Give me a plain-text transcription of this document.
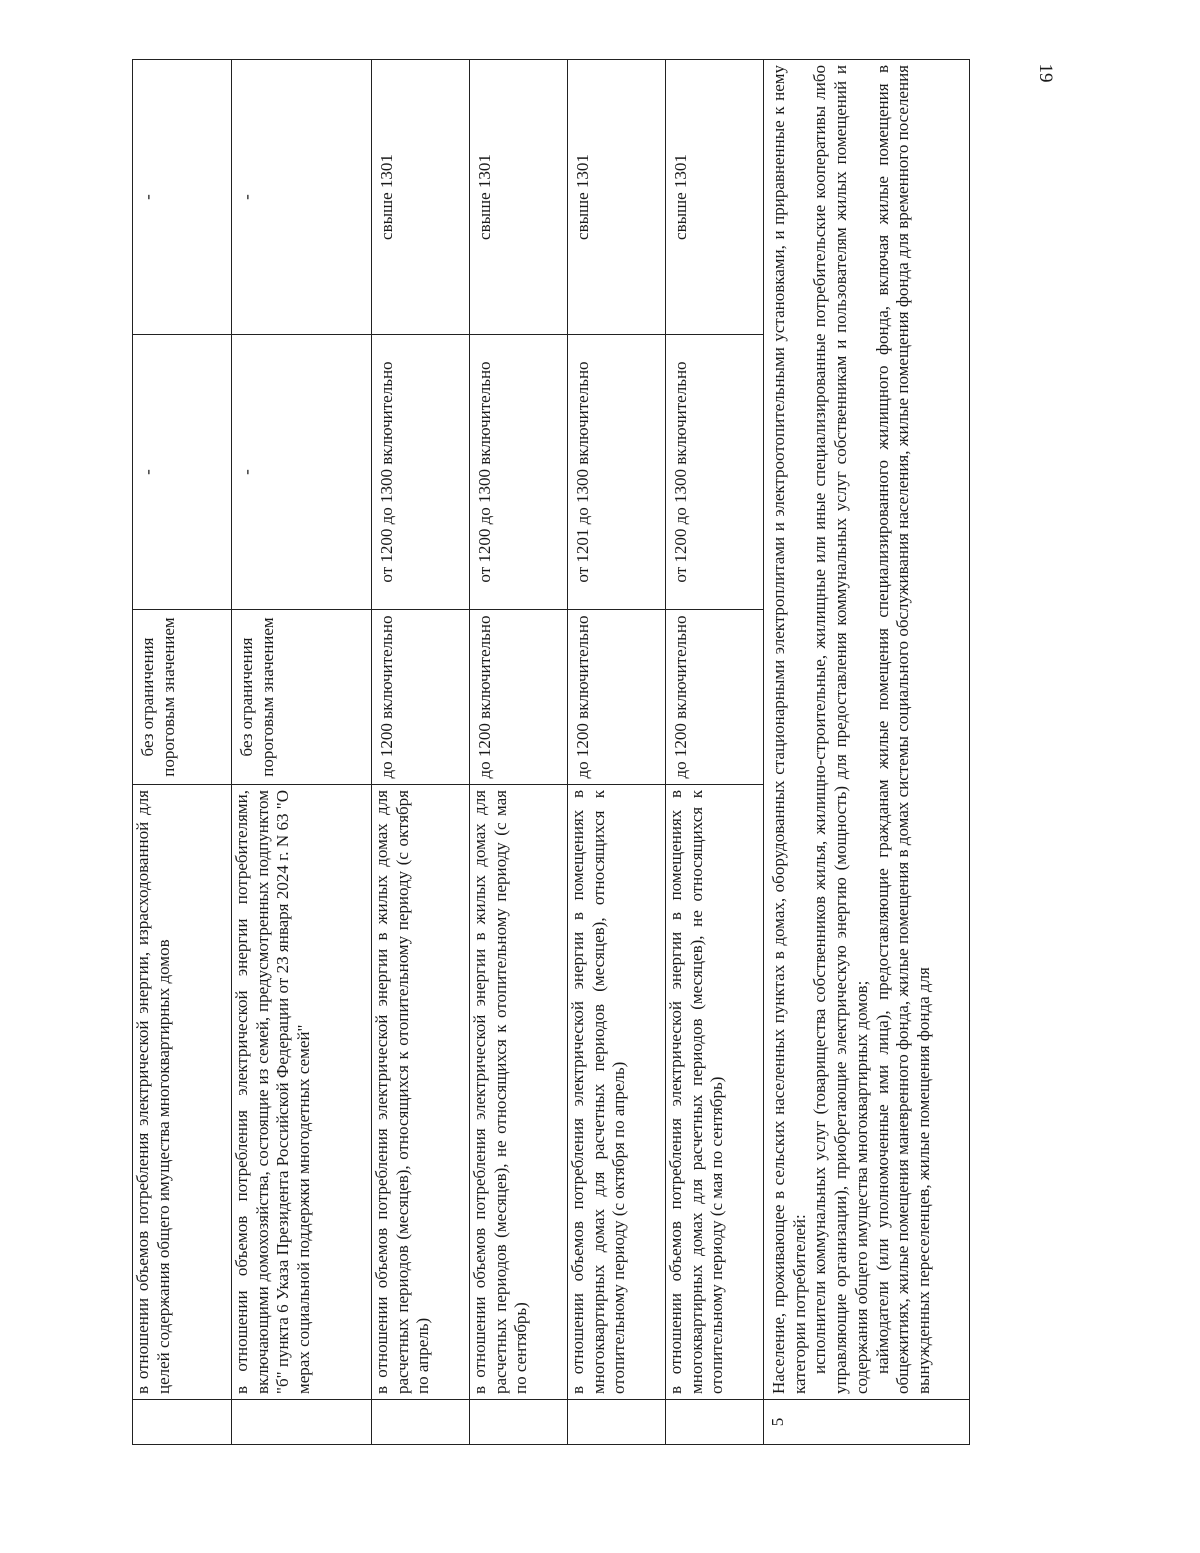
19
	в отношении объемов потребления электрической энергии, израсходованной для целей содержания общего имущества многоквартирных домов	без ограничения пороговым значением	-	-
	в отношении объемов потребления электрической энергии потребителями, включающими домохозяйства, состоящие из семей, предусмотренных подпунктом "б" пункта 6 Указа Президента Российской Федерации от 23 января 2024 г. N 63 "О мерах социальной поддержки многодетных семей"	без ограничения пороговым значением	-	-
	в отношении объемов потребления электрической энергии в жилых домах для расчетных периодов (месяцев), относящихся к отопительному периоду (с октября по апрель)	до 1200 включительно	от 1200 до 1300 включительно	свыше 1301
	в отношении объемов потребления электрической энергии в жилых домах для расчетных периодов (месяцев), не относящихся к отопительному периоду (с мая по сентябрь)	до 1200 включительно	от 1200 до 1300 включительно	свыше 1301
	в отношении объемов потребления электрической энергии в помещениях в многоквартирных домах для расчетных периодов (месяцев), относящихся к отопительному периоду (с октября по апрель)	до 1200 включительно	от 1201 до 1300 включительно	свыше 1301
	в отношении объемов потребления электрической энергии в помещениях в многоквартирных домах для расчетных периодов (месяцев), не относящихся к отопительному периоду (с мая по сентябрь)	до 1200 включительно	от 1200 до 1300 включительно	свыше 1301
5	Население, проживающее в сельских населенных пунктах в домах, оборудованных стационарными электроплитами и электроотопительными установками, и приравненные к нему категории потребителей: исполнители коммунальных услуг (товарищества собственников жилья, жилищно-строительные, жилищные или иные специализированные потребительские кооперативы либо управляющие организации), приобретающие электрическую энергию (мощность) для предоставления коммунальных услуг собственникам и пользователям жилых помещений и содержания общего имущества многоквартирных домов; наймодатели (или уполномоченные ими лица), предоставляющие гражданам жилые помещения специализированного жилищного фонда, включая жилые помещения в общежитиях, жилые помещения маневренного фонда, жилые помещения в домах системы социального обслуживания населения, жилые помещения фонда для временного поселения вынужденных переселенцев, жилые помещения фонда для			
